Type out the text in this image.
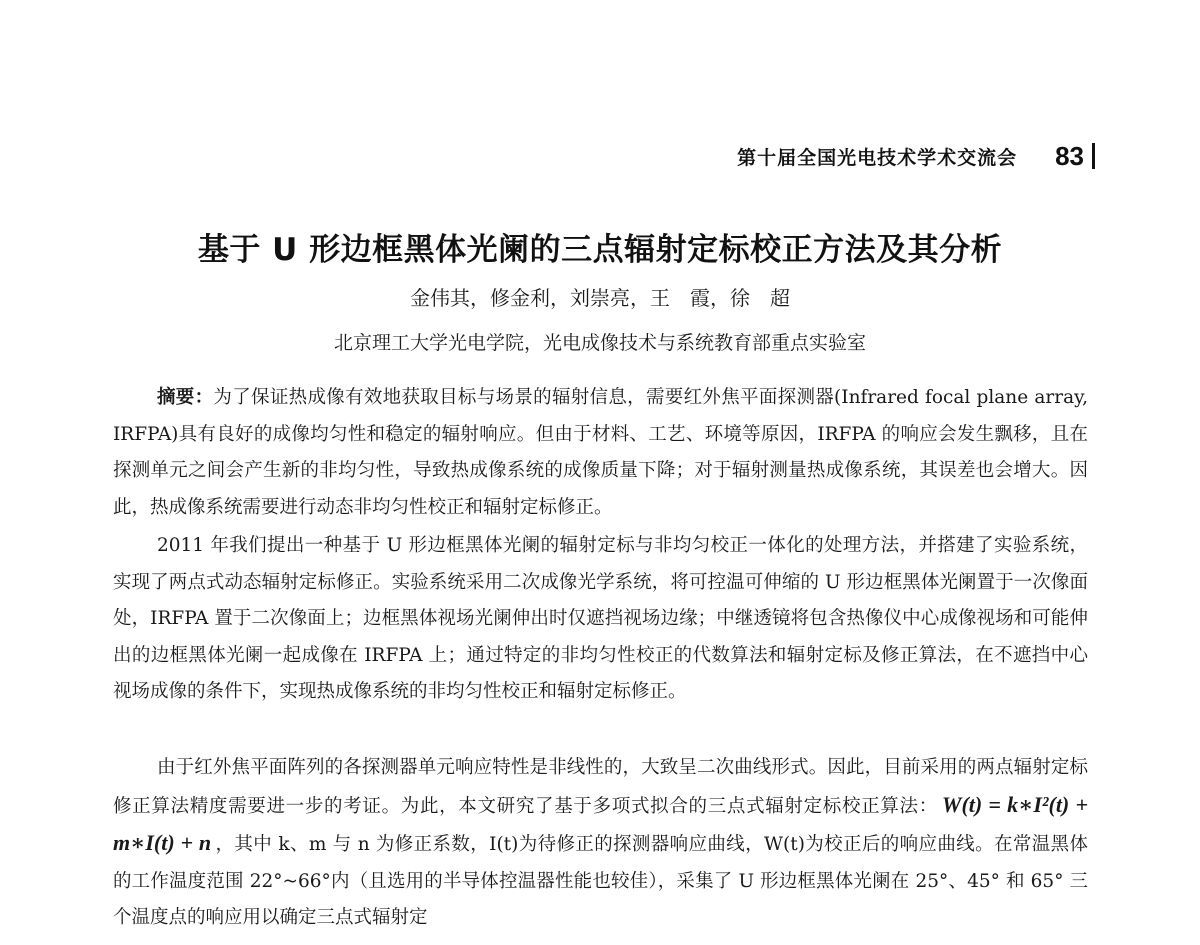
第十届全国光电技术学术交流会 83
基于 U 形边框黑体光阑的三点辐射定标校正方法及其分析
金伟其，修金利，刘崇亮，王　霞，徐　超
北京理工大学光电学院，光电成像技术与系统教育部重点实验室
摘要：为了保证热成像有效地获取目标与场景的辐射信息，需要红外焦平面探测器(Infrared focal plane array, IRFPA)具有良好的成像均匀性和稳定的辐射响应。但由于材料、工艺、环境等原因，IRFPA 的响应会发生飘移，且在探测单元之间会产生新的非均匀性，导致热成像系统的成像质量下降；对于辐射测量热成像系统，其误差也会增大。因此，热成像系统需要进行动态非均匀性校正和辐射定标修正。
2011 年我们提出一种基于 U 形边框黑体光阑的辐射定标与非均匀校正一体化的处理方法，并搭建了实验系统，实现了两点式动态辐射定标修正。实验系统采用二次成像光学系统，将可控温可伸缩的 U 形边框黑体光阑置于一次像面处，IRFPA 置于二次像面上；边框黑体视场光阑伸出时仅遮挡视场边缘；中继透镜将包含热像仪中心成像视场和可能伸出的边框黑体光阑一起成像在 IRFPA 上；通过特定的非均匀性校正的代数算法和辐射定标及修正算法，在不遮挡中心视场成像的条件下，实现热成像系统的非均匀性校正和辐射定标修正。
由于红外焦平面阵列的各探测器单元响应特性是非线性的，大致呈二次曲线形式。因此，目前采用的两点辐射定标修正算法精度需要进一步的考证。为此，本文研究了基于多项式拟合的三点式辐射定标校正算法： W(t) = k∗I²(t) + m∗I(t) + n ，其中 k、m 与 n 为修正系数，I(t)为待修正的探测器响应曲线，W(t)为校正后的响应曲线。在常温黑体的工作温度范围 22°~66°内（且选用的半导体控温器性能也较佳），采集了 U 形边框黑体光阑在 25°、45° 和 65° 三个温度点的响应用以确定三点式辐射定
